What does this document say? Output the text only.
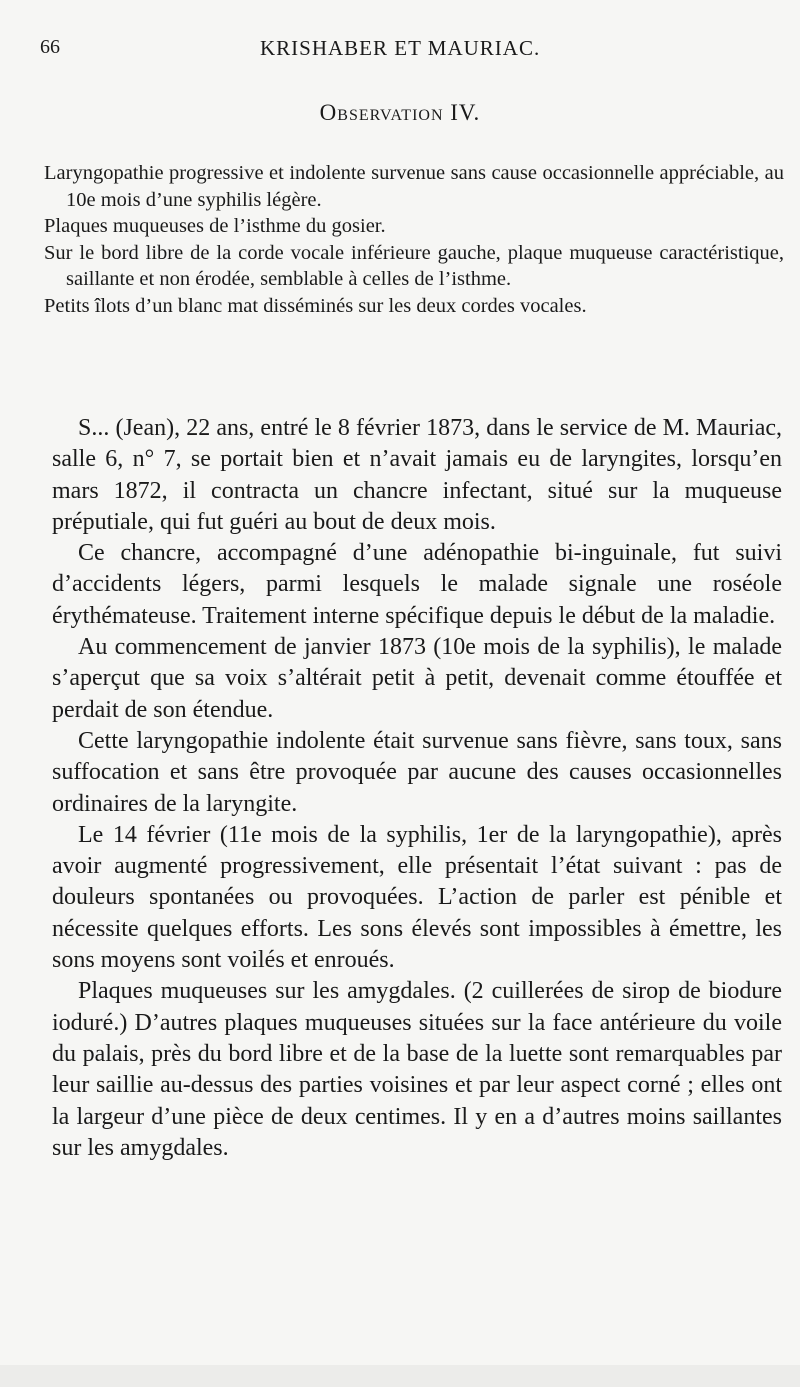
66	KRISHABER ET MAURIAC.
Observation IV.

Laryngopathie progressive et indolente survenue sans cause occasionnelle appréciable, au 10e mois d’une syphilis légère.

Plaques muqueuses de l’isthme du gosier.

Sur le bord libre de la corde vocale inférieure gauche, plaque muqueuse caractéristique, saillante et non érodée, semblable à celles de l’isthme.

Petits îlots d’un blanc mat disséminés sur les deux cordes vocales.

S... (Jean), 22 ans, entré le 8 février 1873, dans le service de M. Mauriac, salle 6, n° 7, se portait bien et n’avait jamais eu de laryngites, lorsqu’en mars 1872, il contracta un chancre infectant, situé sur la muqueuse préputiale, qui fut guéri au bout de deux mois.

Ce chancre, accompagné d’une adénopathie bi-inguinale, fut suivi d’accidents légers, parmi lesquels le malade signale une roséole érythémateuse. Traitement interne spécifique depuis le début de la maladie.

Au commencement de janvier 1873 (10e mois de la syphilis), le malade s’aperçut que sa voix s’altérait petit à petit, devenait comme étouffée et perdait de son étendue.

Cette laryngopathie indolente était survenue sans fièvre, sans toux, sans suffocation et sans être provoquée par aucune des causes occasionnelles ordinaires de la laryngite.

Le 14 février (11e mois de la syphilis, 1er de la laryngopathie), après avoir augmenté progressivement, elle présentait l’état suivant : pas de douleurs spontanées ou provoquées. L’action de parler est pénible et nécessite quelques efforts. Les sons élevés sont impossibles à émettre, les sons moyens sont voilés et enroués.

Plaques muqueuses sur les amygdales. (2 cuillerées de sirop de biodure ioduré.) D’autres plaques muqueuses situées sur la face antérieure du voile du palais, près du bord libre et de la base de la luette sont remarquables par leur saillie au-dessus des parties voisines et par leur aspect corné ; elles ont la largeur d’une pièce de deux centimes. Il y en a d’autres moins saillantes sur les amygdales.
